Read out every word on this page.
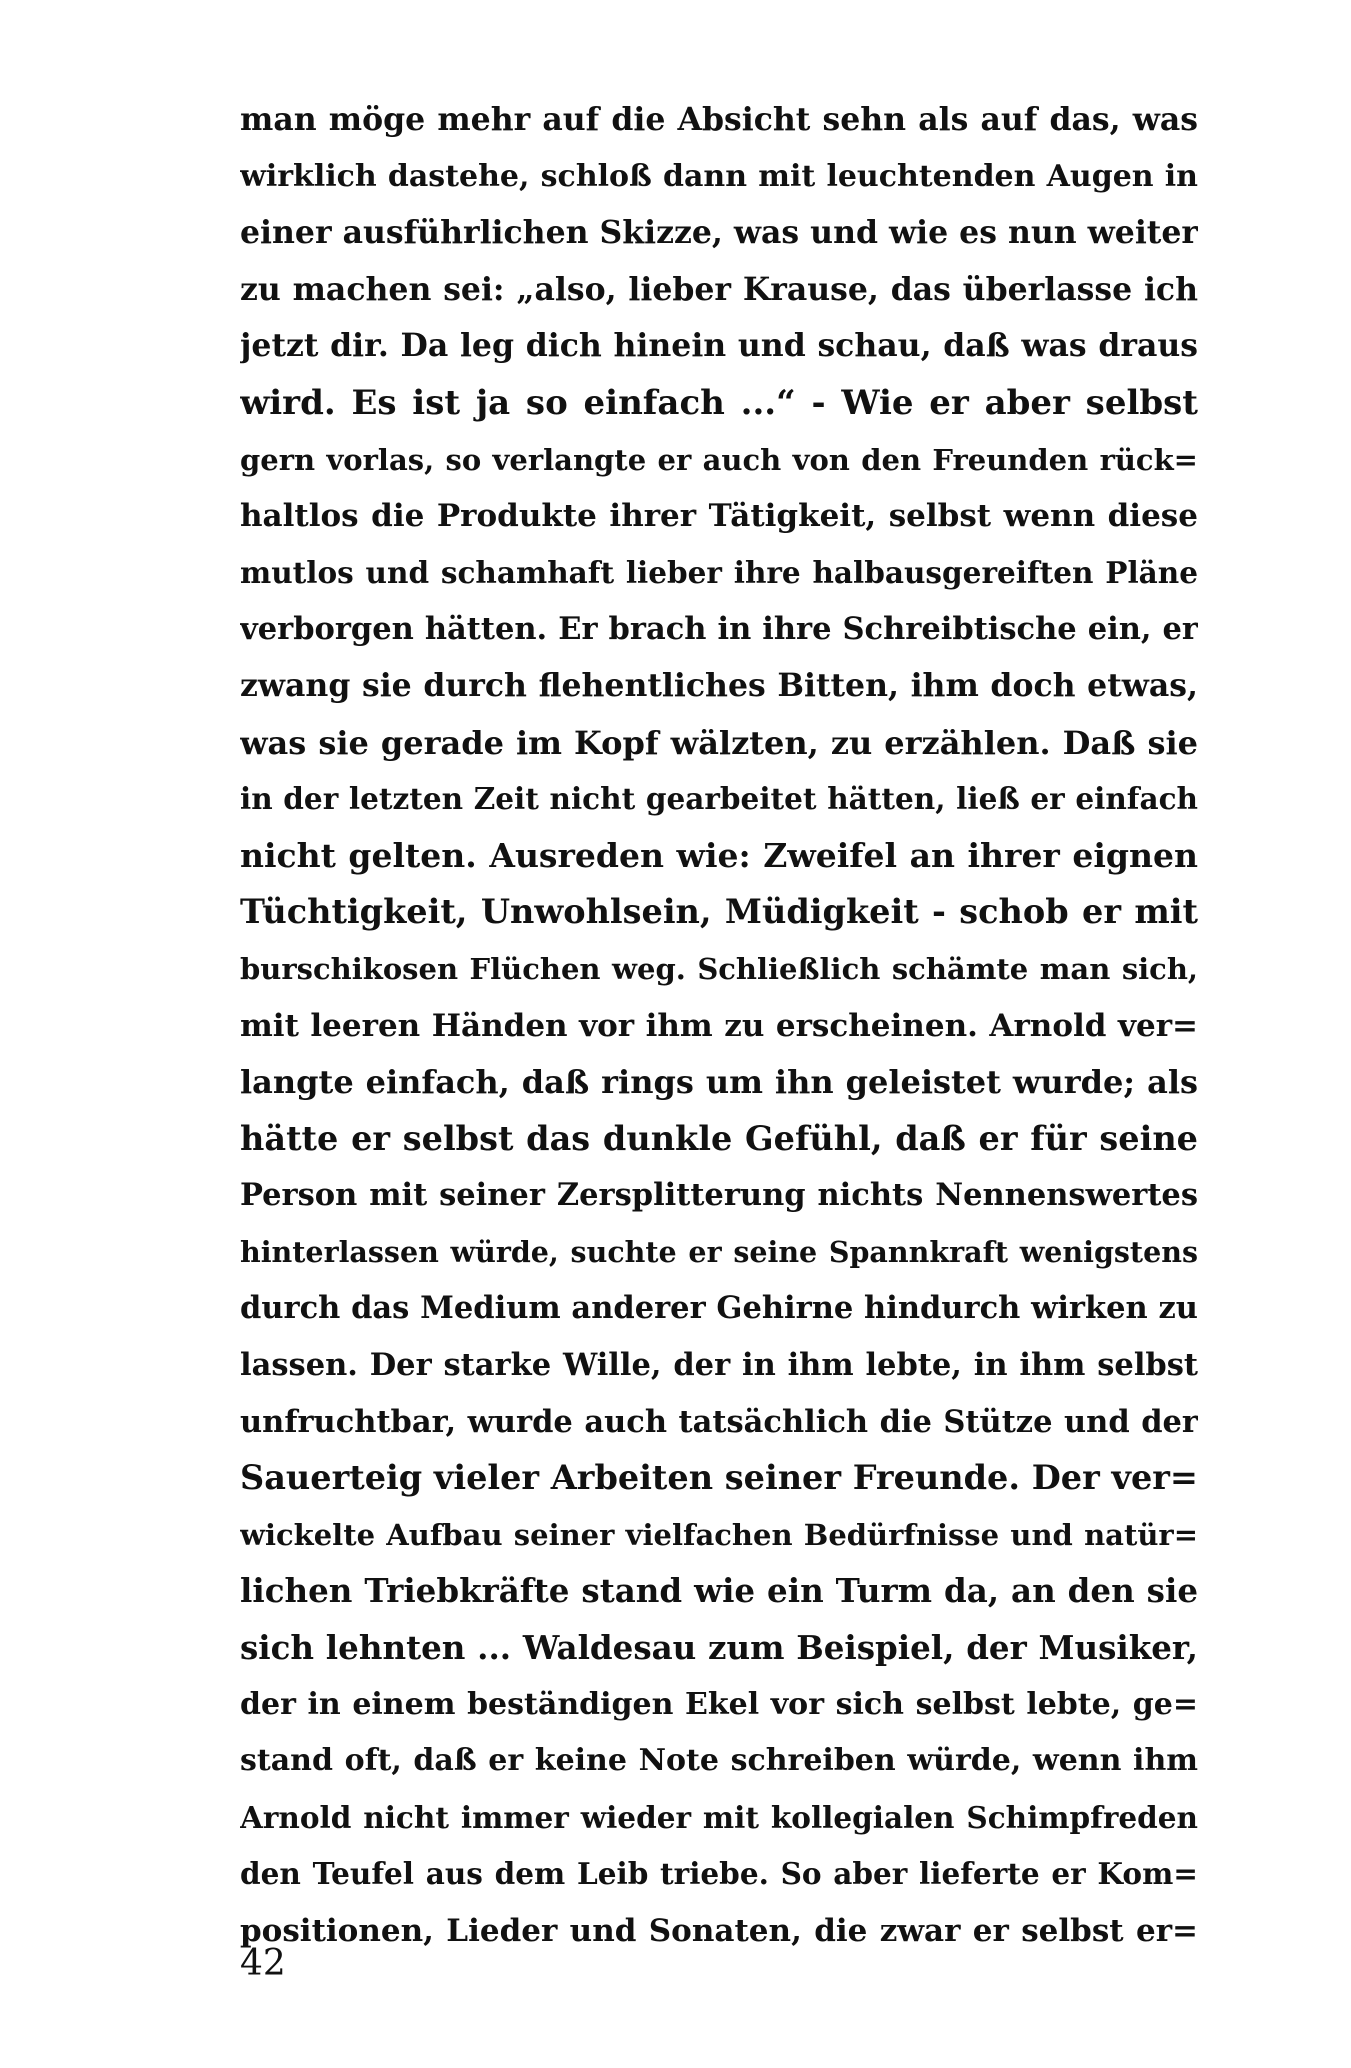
man möge mehr auf die Absicht sehn als auf das, was
wirklich dastehe, schloß dann mit leuchtenden Augen in
einer ausführlichen Skizze, was und wie es nun weiter
zu machen sei: „also, lieber Krause, das überlasse ich
jetzt dir. Da leg dich hinein und schau, daß was draus
wird. Es ist ja so einfach ...“ - Wie er aber selbst
gern vorlas, so verlangte er auch von den Freunden rück=
haltlos die Produkte ihrer Tätigkeit, selbst wenn diese
mutlos und schamhaft lieber ihre halbausgereiften Pläne
verborgen hätten. Er brach in ihre Schreibtische ein, er
zwang sie durch flehentliches Bitten, ihm doch etwas,
was sie gerade im Kopf wälzten, zu erzählen. Daß sie
in der letzten Zeit nicht gearbeitet hätten, ließ er einfach
nicht gelten. Ausreden wie: Zweifel an ihrer eignen
Tüchtigkeit, Unwohlsein, Müdigkeit - schob er mit
burschikosen Flüchen weg. Schließlich schämte man sich,
mit leeren Händen vor ihm zu erscheinen. Arnold ver=
langte einfach, daß rings um ihn geleistet wurde; als
hätte er selbst das dunkle Gefühl, daß er für seine
Person mit seiner Zersplitterung nichts Nennenswertes
hinterlassen würde, suchte er seine Spannkraft wenigstens
durch das Medium anderer Gehirne hindurch wirken zu
lassen. Der starke Wille, der in ihm lebte, in ihm selbst
unfruchtbar, wurde auch tatsächlich die Stütze und der
Sauerteig vieler Arbeiten seiner Freunde. Der ver=
wickelte Aufbau seiner vielfachen Bedürfnisse und natür=
lichen Triebkräfte stand wie ein Turm da, an den sie
sich lehnten ... Waldesau zum Beispiel, der Musiker,
der in einem beständigen Ekel vor sich selbst lebte, ge=
stand oft, daß er keine Note schreiben würde, wenn ihm
Arnold nicht immer wieder mit kollegialen Schimpfreden
den Teufel aus dem Leib triebe. So aber lieferte er Kom=
positionen, Lieder und Sonaten, die zwar er selbst er=
42
